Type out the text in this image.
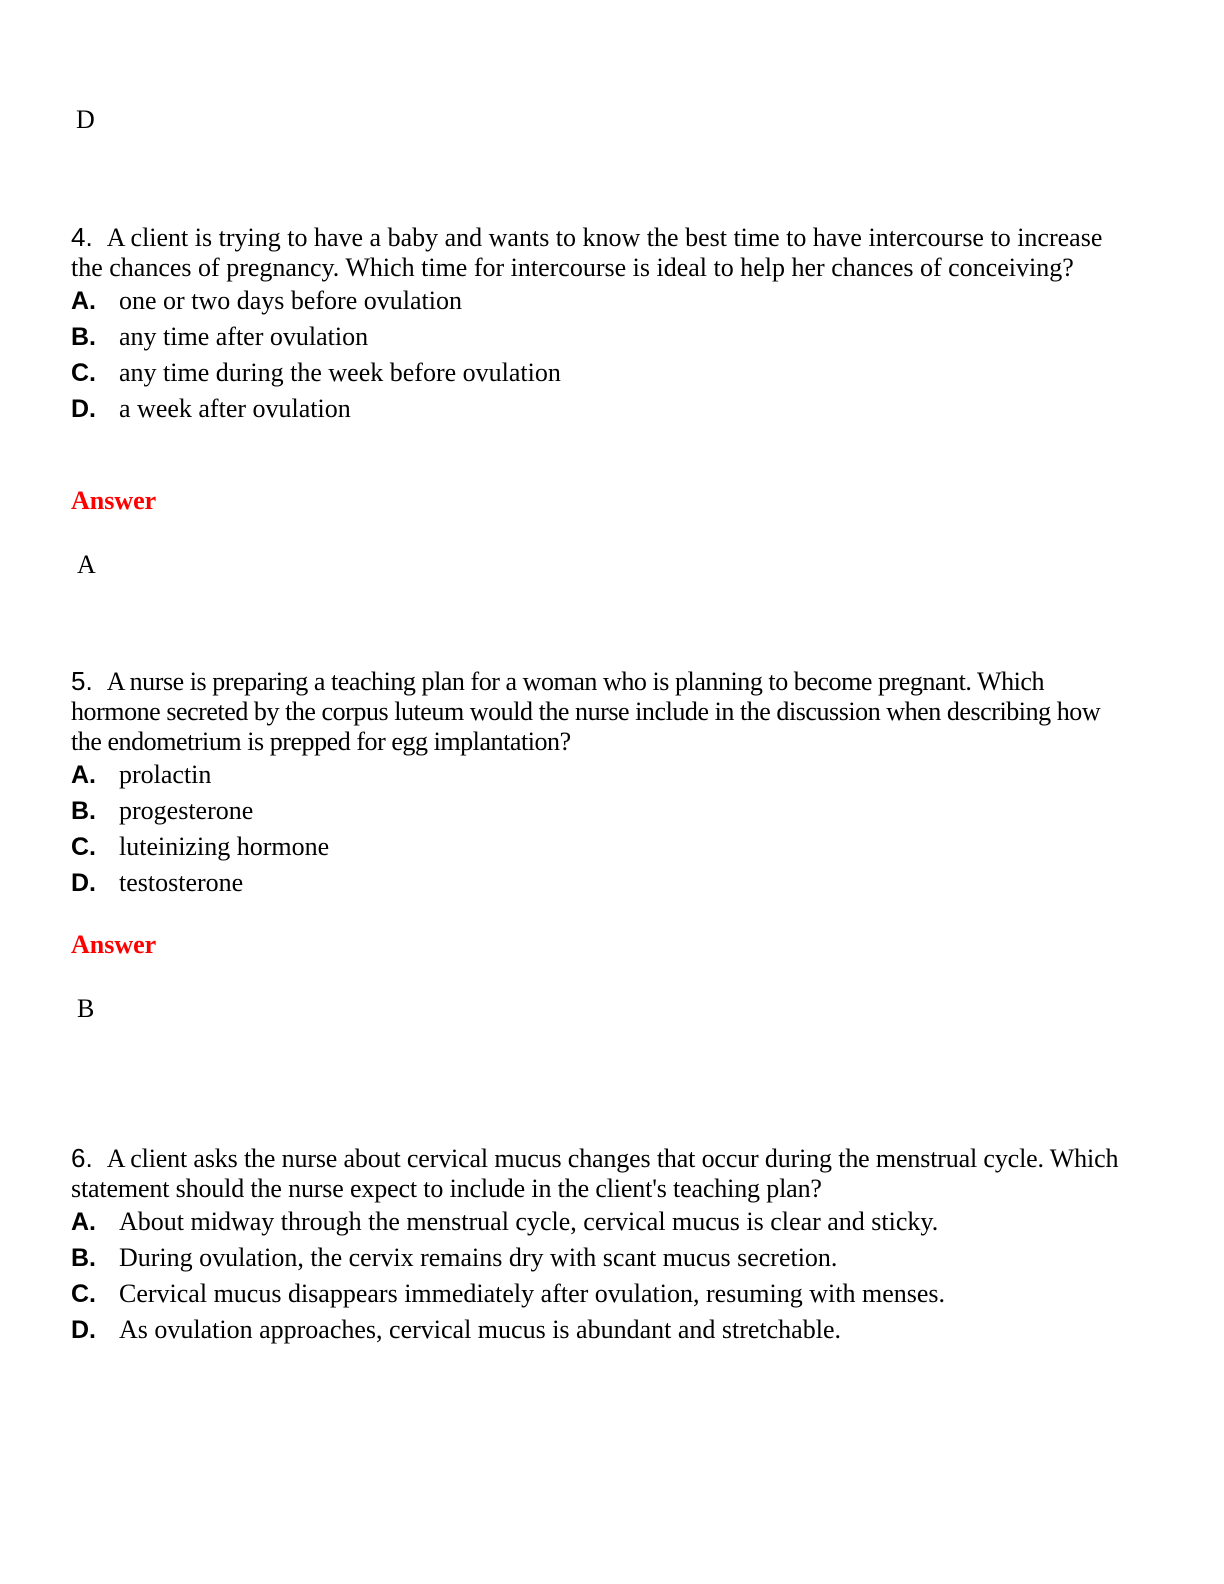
D

4. A client is trying to have a baby and wants to know the best time to have intercourse to increase the chances of pregnancy. Which time for intercourse is ideal to help her chances of conceiving?

A. one or two days before ovulation
B. any time after ovulation
C. any time during the week before ovulation
D. a week after ovulation
Answer
A

5. A nurse is preparing a teaching plan for a woman who is planning to become pregnant. Which hormone secreted by the corpus luteum would the nurse include in the discussion when describing how the endometrium is prepped for egg implantation?

A. prolactin
B. progesterone
C. luteinizing hormone
D. testosterone
Answer
B

6. A client asks the nurse about cervical mucus changes that occur during the menstrual cycle. Which statement should the nurse expect to include in the client's teaching plan?

A. About midway through the menstrual cycle, cervical mucus is clear and sticky.
B. During ovulation, the cervix remains dry with scant mucus secretion.
C. Cervical mucus disappears immediately after ovulation, resuming with menses.
D. As ovulation approaches, cervical mucus is abundant and stretchable.
